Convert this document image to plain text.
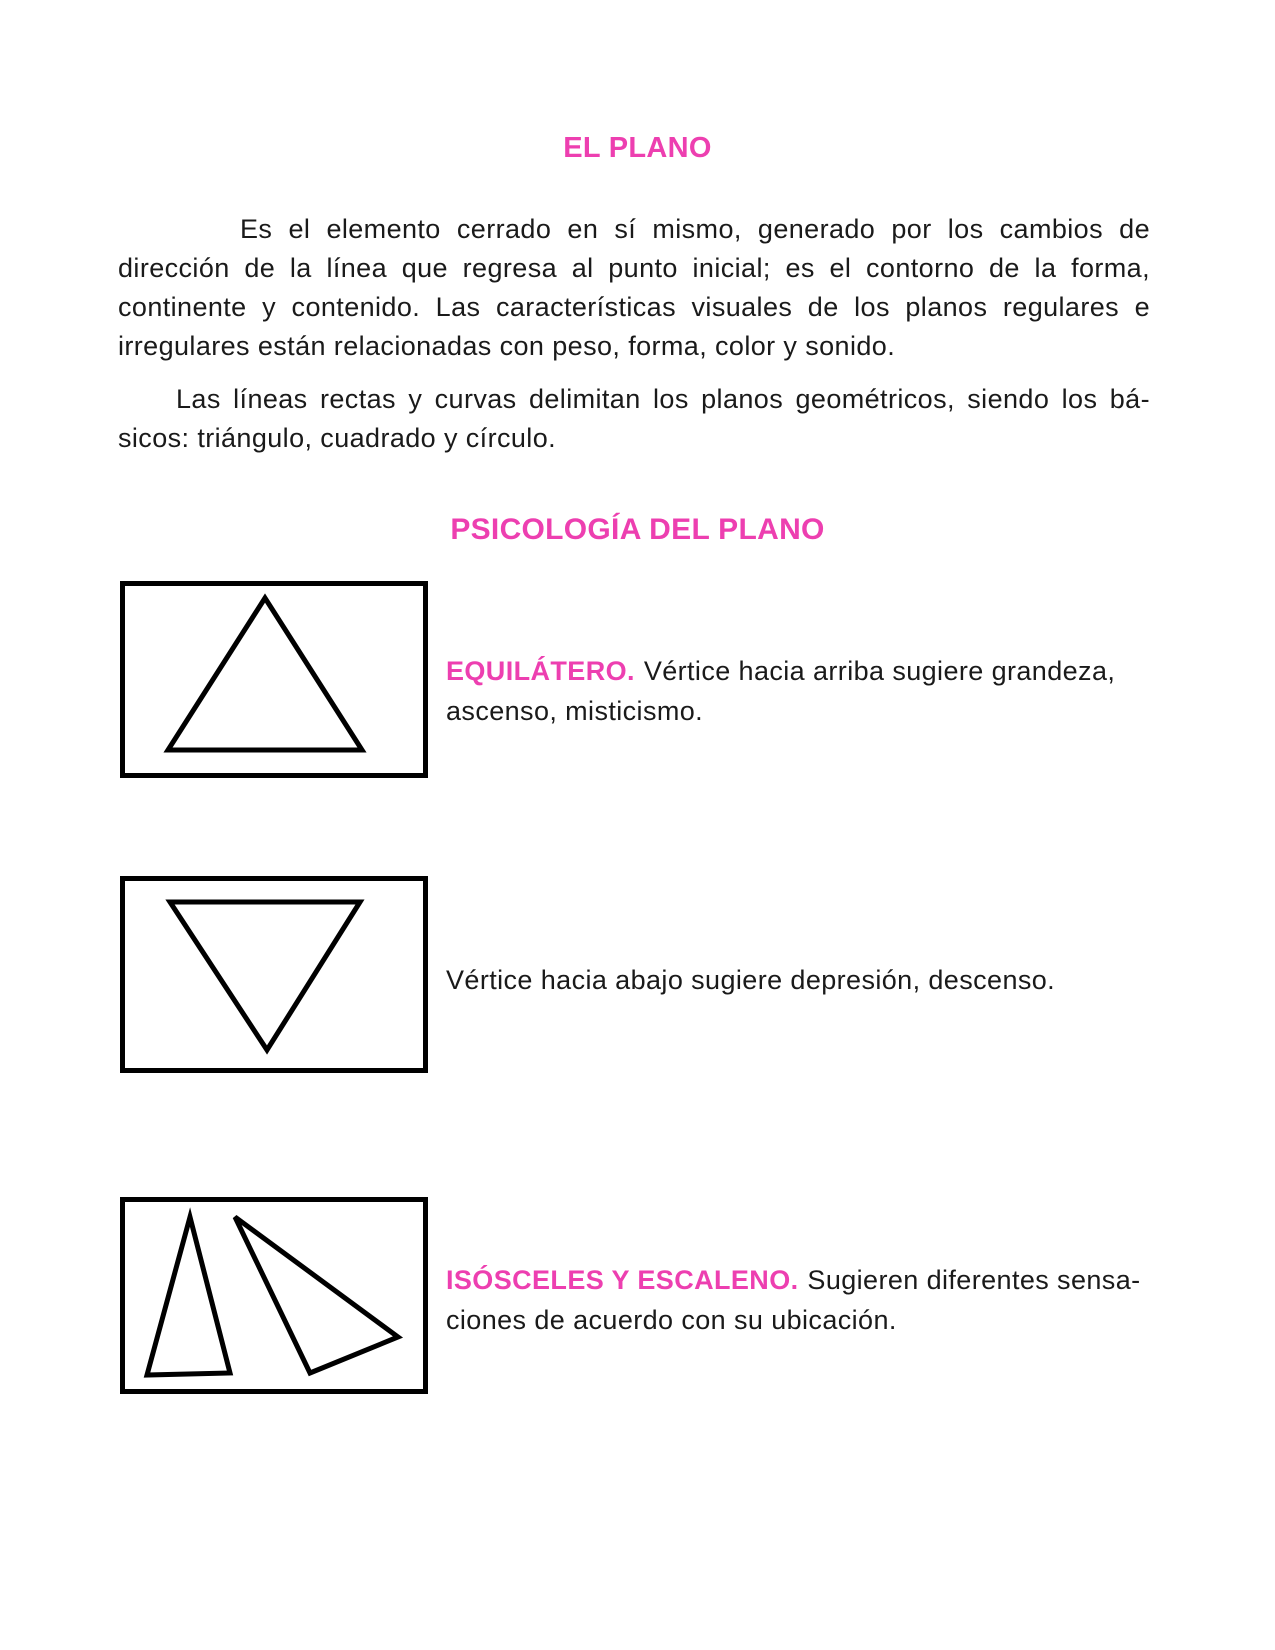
EL PLANO
Es el elemento cerrado en sí mismo, generado por los cambios de
dirección de la línea que regresa al punto inicial; es el contorno de la forma,
continente y contenido. Las características visuales de los planos regulares e
irregulares están relacionadas con peso, forma, color y sonido.
Las líneas rectas y curvas delimitan los planos geométricos, siendo los bá-
sicos: triángulo, cuadrado y círculo.
PSICOLOGÍA DEL PLANO
EQUILÁTERO. Vértice hacia arriba sugiere grandeza,
ascenso, misticismo.
Vértice hacia abajo sugiere depresión, descenso.
ISÓSCELES Y ESCALENO. Sugieren diferentes sensa-
ciones de acuerdo con su ubicación.
